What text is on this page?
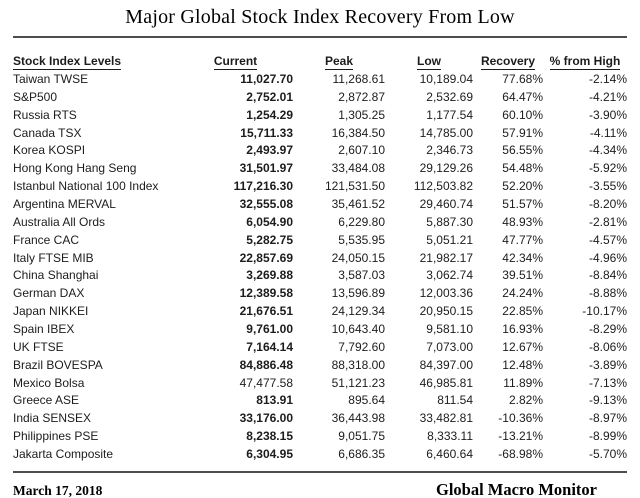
Major Global Stock Index Recovery From Low
Stock Index Levels	Current	Peak	Low	Recovery	% from High
Taiwan TWSE	11,027.70	11,268.61	10,189.04	77.68%	-2.14%
S&P500	2,752.01	2,872.87	2,532.69	64.47%	-4.21%
Russia RTS	1,254.29	1,305.25	1,177.54	60.10%	-3.90%
Canada TSX	15,711.33	16,384.50	14,785.00	57.91%	-4.11%
Korea KOSPI	2,493.97	2,607.10	2,346.73	56.55%	-4.34%
Hong Kong Hang Seng	31,501.97	33,484.08	29,129.26	54.48%	-5.92%
Istanbul National 100 Index	117,216.30	121,531.50	112,503.82	52.20%	-3.55%
Argentina MERVAL	32,555.08	35,461.52	29,460.74	51.57%	-8.20%
Australia All Ords	6,054.90	6,229.80	5,887.30	48.93%	-2.81%
France CAC	5,282.75	5,535.95	5,051.21	47.77%	-4.57%
Italy FTSE MIB	22,857.69	24,050.15	21,982.17	42.34%	-4.96%
China Shanghai	3,269.88	3,587.03	3,062.74	39.51%	-8.84%
German DAX	12,389.58	13,596.89	12,003.36	24.24%	-8.88%
Japan NIKKEI	21,676.51	24,129.34	20,950.15	22.85%	-10.17%
Spain IBEX	9,761.00	10,643.40	9,581.10	16.93%	-8.29%
UK FTSE	7,164.14	7,792.60	7,073.00	12.67%	-8.06%
Brazil BOVESPA	84,886.48	88,318.00	84,397.00	12.48%	-3.89%
Mexico Bolsa	47,477.58	51,121.23	46,985.81	11.89%	-7.13%
Greece ASE	813.91	895.64	811.54	2.82%	-9.13%
India SENSEX	33,176.00	36,443.98	33,482.81	-10.36%	-8.97%
Philippines PSE	8,238.15	9,051.75	8,333.11	-13.21%	-8.99%
Jakarta Composite	6,304.95	6,686.35	6,460.64	-68.98%	-5.70%
March 17, 2018	Global Macro Monitor
